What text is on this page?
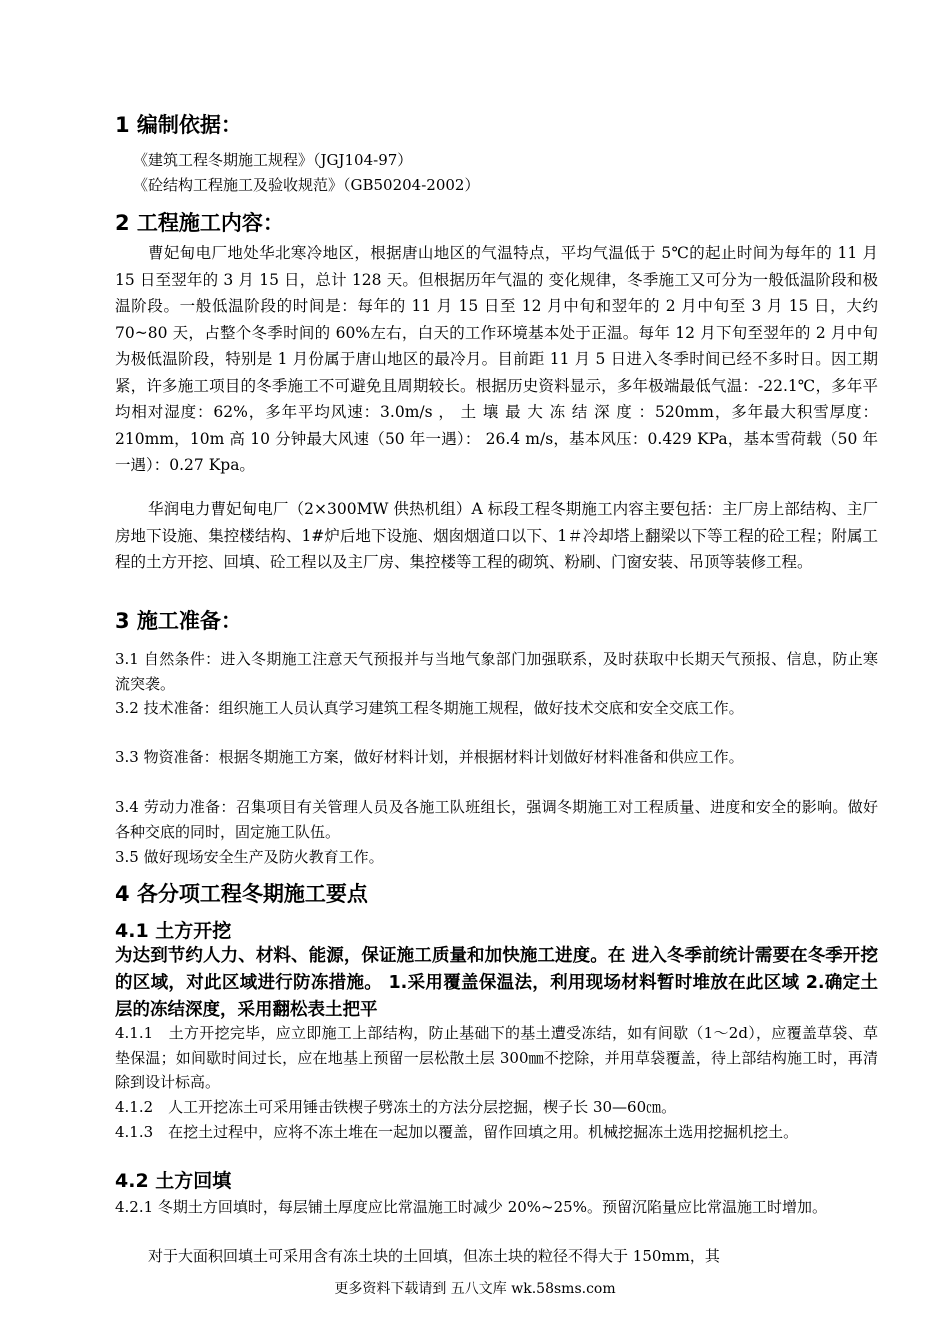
1 编制依据：
《建筑工程冬期施工规程》（JGJ104-97）
《砼结构工程施工及验收规范》（GB50204-2002）
2 工程施工内容：
曹妃甸电厂地处华北寒冷地区，根据唐山地区的气温特点，平均气温低于 5℃的起止时间为每年的 11 月 15 日至翌年的 3 月 15 日，总计 128 天。但根据历年气温的 变化规律，冬季施工又可分为一般低温阶段和极温阶段。一般低温阶段的时间是：每年的 11 月 15 日至 12 月中旬和翌年的 2 月中旬至 3 月 15 日，大约 70~80 天，占整个冬季时间的 60%左右，白天的工作环境基本处于正温。每年 12 月下旬至翌年的 2 月中旬为极低温阶段，特别是 1 月份属于唐山地区的最冷月。目前距 11 月 5 日进入冬季时间已经不多时日。因工期紧，许多施工项目的冬季施工不可避免且周期较长。根据历史资料显示，多年极端最低气温：-22.1℃，多年平均相对湿度：62%，多年平均风速：3.0m/s ， 土 壤 最 大 冻 结 深 度 ：520mm，多年最大积雪厚度： 210mm，10m 高 10 分钟最大风速（50 年一遇）： 26.4 m/s，基本风压：0.429 KPa，基本雪荷载（50 年一遇）：0.27 Kpa。
华润电力曹妃甸电厂（2×300MW 供热机组）A 标段工程冬期施工内容主要包括：主厂房上部结构、主厂房地下设施、集控楼结构、1#炉后地下设施、烟囱烟道口以下、1＃冷却塔上翻梁以下等工程的砼工程；附属工程的土方开挖、回填、砼工程以及主厂房、集控楼等工程的砌筑、粉刷、门窗安装、吊顶等装修工程。
3 施工准备：
3.1 自然条件：进入冬期施工注意天气预报并与当地气象部门加强联系，及时获取中长期天气预报、信息，防止寒流突袭。
3.2 技术准备：组织施工人员认真学习建筑工程冬期施工规程，做好技术交底和安全交底工作。
3.3 物资准备：根据冬期施工方案，做好材料计划，并根据材料计划做好材料准备和供应工作。
3.4 劳动力准备：召集项目有关管理人员及各施工队班组长，强调冬期施工对工程质量、进度和安全的影响。做好各种交底的同时，固定施工队伍。
3.5 做好现场安全生产及防火教育工作。
4 各分项工程冬期施工要点
4.1 土方开挖
为达到节约人力、材料、能源，保证施工质量和加快施工进度。在 进入冬季前统计需要在冬季开挖的区域，对此区域进行防冻措施。 1.采用覆盖保温法，利用现场材料暂时堆放在此区域 2.确定土层的冻结深度，采用翻松表土把平
4.1.1　土方开挖完毕，应立即施工上部结构，防止基础下的基土遭受冻结，如有间歇（1～2d），应覆盖草袋、草垫保温；如间歇时间过长，应在地基上预留一层松散土层 300㎜不挖除，并用草袋覆盖，待上部结构施工时，再清除到设计标高。
4.1.2　人工开挖冻土可采用锤击铁楔子劈冻土的方法分层挖掘，楔子长 30—60㎝。
4.1.3　在挖土过程中，应将不冻土堆在一起加以覆盖，留作回填之用。机械挖掘冻土选用挖掘机挖土。
4.2 土方回填
4.2.1 冬期土方回填时，每层铺土厚度应比常温施工时减少 20%~25%。预留沉陷量应比常温施工时增加。
对于大面积回填土可采用含有冻土块的土回填，但冻土块的粒径不得大于 150mm，其
更多资料下载请到 五八文库 wk.58sms.com
